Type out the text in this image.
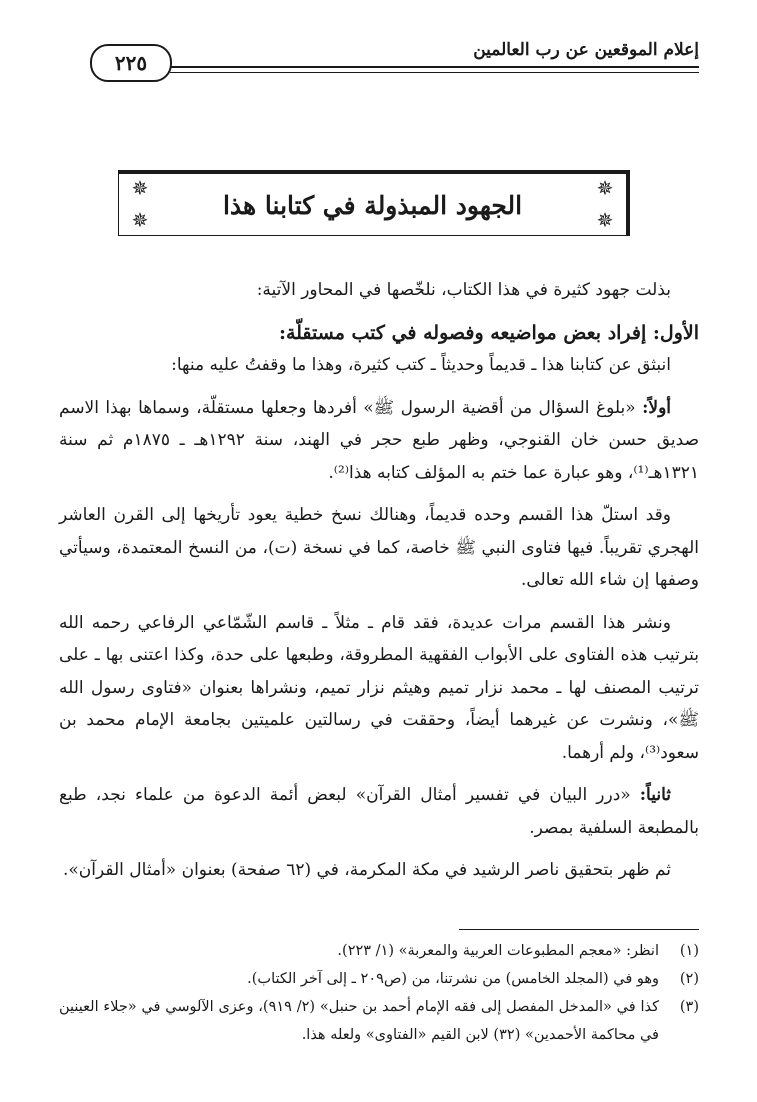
إعلام الموقعين عن رب العالمين
٢٢٥
✵
✵
✵
✵
الجهود المبذولة في كتابنا هذا

بذلت جهود كثيرة في هذا الكتاب، نلخّصها في المحاور الآتية:

الأول: إفراد بعض مواضيعه وفصوله في كتب مستقلّة:

انبثق عن كتابنا هذا ـ قديماً وحديثاً ـ كتب كثيرة، وهذا ما وقفتُ عليه منها:

أولاً: «بلوغ السؤال من أقضية الرسول ﷺ» أفردها وجعلها مستقلّة، وسماها بهذا الاسم صديق حسن خان القنوجي، وظهر طبع حجر في الهند، سنة ١٢٩٢هـ ـ ١٨٧٥م ثم سنة ١٣٢١هـ⁽¹⁾، وهو عبارة عما ختم به المؤلف كتابه هذا⁽²⁾.

وقد استلّ هذا القسم وحده قديماً، وهنالك نسخ خطية يعود تأريخها إلى القرن العاشر الهجري تقريباً. فيها فتاوى النبي ﷺ خاصة، كما في نسخة (ت)، من النسخ المعتمدة، وسيأتي وصفها إن شاء الله تعالى.

ونشر هذا القسم مرات عديدة، فقد قام ـ مثلاً ـ قاسم الشّمّاعي الرفاعي رحمه الله بترتيب هذه الفتاوى على الأبواب الفقهية المطروقة، وطبعها على حدة، وكذا اعتنى بها ـ على ترتيب المصنف لها ـ محمد نزار تميم وهيثم نزار تميم، ونشراها بعنوان «فتاوى رسول الله ﷺ»، ونشرت عن غيرهما أيضاً، وحققت في رسالتين علميتين بجامعة الإمام محمد بن سعود⁽³⁾، ولم أرهما.

ثانياً: «درر البيان في تفسير أمثال القرآن» لبعض أئمة الدعوة من علماء نجد، طبع بالمطبعة السلفية بمصر.

ثم ظهر بتحقيق ناصر الرشيد في مكة المكرمة، في (٦٢ صفحة) بعنوان «أمثال القرآن».

(١)
انظر: «معجم المطبوعات العربية والمعربة» (١/ ٢٢٣).
(٢)
وهو في (المجلد الخامس) من نشرتنا، من (ص٢٠٩ ـ إلى آخر الكتاب).
(٣)
كذا في «المدخل المفصل إلى فقه الإمام أحمد بن حنبل» (٢/ ٩١٩)، وعزى الآلوسي في «جلاء العينين في محاكمة الأحمدين» (٣٢) لابن القيم «الفتاوى» ولعله هذا.
